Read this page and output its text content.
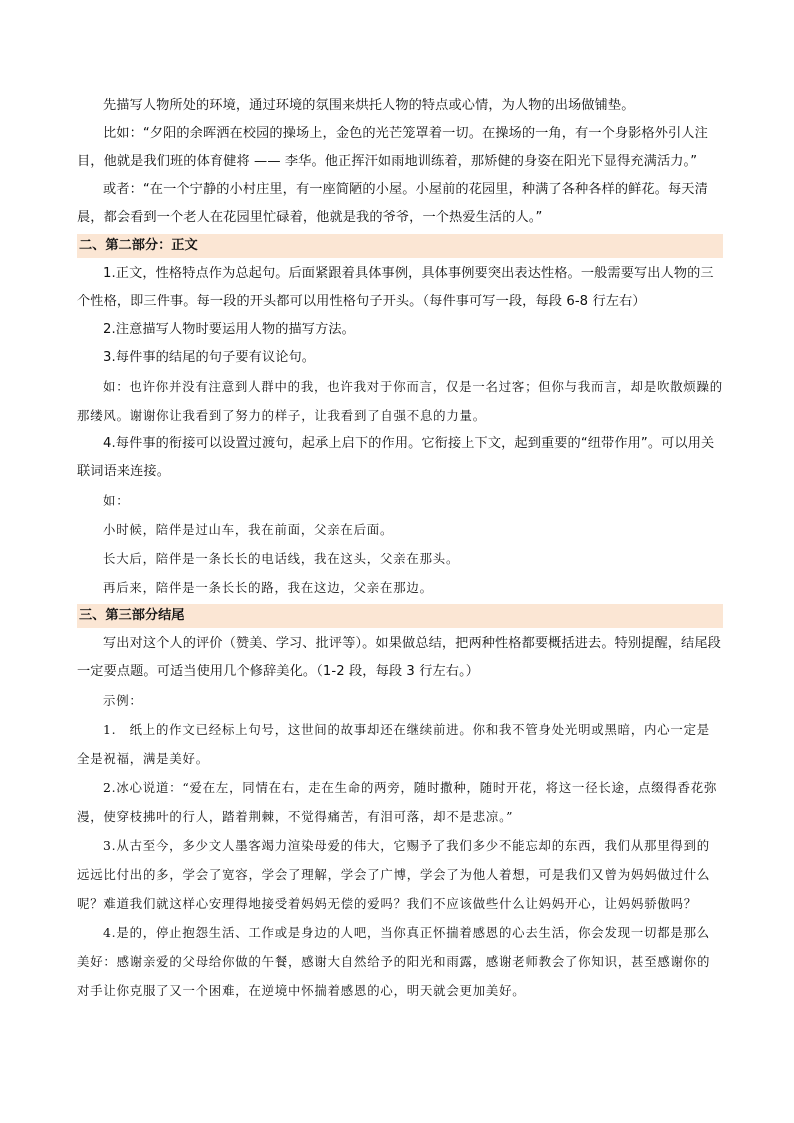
先描写人物所处的环境，通过环境的氛围来烘托人物的特点或心情，为人物的出场做铺垫。

比如：“夕阳的余晖洒在校园的操场上，金色的光芒笼罩着一切。在操场的一角，有一个身影格外引人注目，他就是我们班的体育健将 —— 李华。他正挥汗如雨地训练着，那矫健的身姿在阳光下显得充满活力。”

或者：“在一个宁静的小村庄里，有一座简陋的小屋。小屋前的花园里，种满了各种各样的鲜花。每天清晨，都会看到一个老人在花园里忙碌着，他就是我的爷爷，一个热爱生活的人。”

二、第二部分：正文

1.正文，性格特点作为总起句。后面紧跟着具体事例，具体事例要突出表达性格。一般需要写出人物的三个性格，即三件事。每一段的开头都可以用性格句子开头。（每件事可写一段，每段 6-8 行左右）

2.注意描写人物时要运用人物的描写方法。

3.每件事的结尾的句子要有议论句。

如：也许你并没有注意到人群中的我，也许我对于你而言，仅是一名过客；但你与我而言，却是吹散烦躁的那缕风。谢谢你让我看到了努力的样子，让我看到了自强不息的力量。

4.每件事的衔接可以设置过渡句，起承上启下的作用。它衔接上下文，起到重要的“纽带作用”。可以用关联词语来连接。

如：

小时候，陪伴是过山车，我在前面，父亲在后面。

长大后，陪伴是一条长长的电话线，我在这头，父亲在那头。

再后来，陪伴是一条长长的路，我在这边，父亲在那边。

三、第三部分结尾

写出对这个人的评价（赞美、学习、批评等）。如果做总结，把两种性格都要概括进去。特别提醒，结尾段一定要点题。可适当使用几个修辞美化。（1-2 段，每段 3 行左右。）

示例：

1.　纸上的作文已经标上句号，这世间的故事却还在继续前进。你和我不管身处光明或黑暗，内心一定是全是祝福，满是美好。

2.冰心说道：“爱在左，同情在右，走在生命的两旁，随时撒种，随时开花，将这一径长途，点缀得香花弥漫，使穿枝拂叶的行人，踏着荆棘，不觉得痛苦，有泪可落，却不是悲凉。”

3.从古至今，多少文人墨客竭力渲染母爱的伟大，它赐予了我们多少不能忘却的东西，我们从那里得到的远远比付出的多，学会了宽容，学会了理解，学会了广博，学会了为他人着想，可是我们又曾为妈妈做过什么呢？难道我们就这样心安理得地接受着妈妈无偿的爱吗？我们不应该做些什么让妈妈开心，让妈妈骄傲吗？

4.是的，停止抱怨生活、工作或是身边的人吧，当你真正怀揣着感恩的心去生活，你会发现一切都是那么美好：感谢亲爱的父母给你做的午餐，感谢大自然给予的阳光和雨露，感谢老师教会了你知识，甚至感谢你的对手让你克服了又一个困难，在逆境中怀揣着感恩的心，明天就会更加美好。
